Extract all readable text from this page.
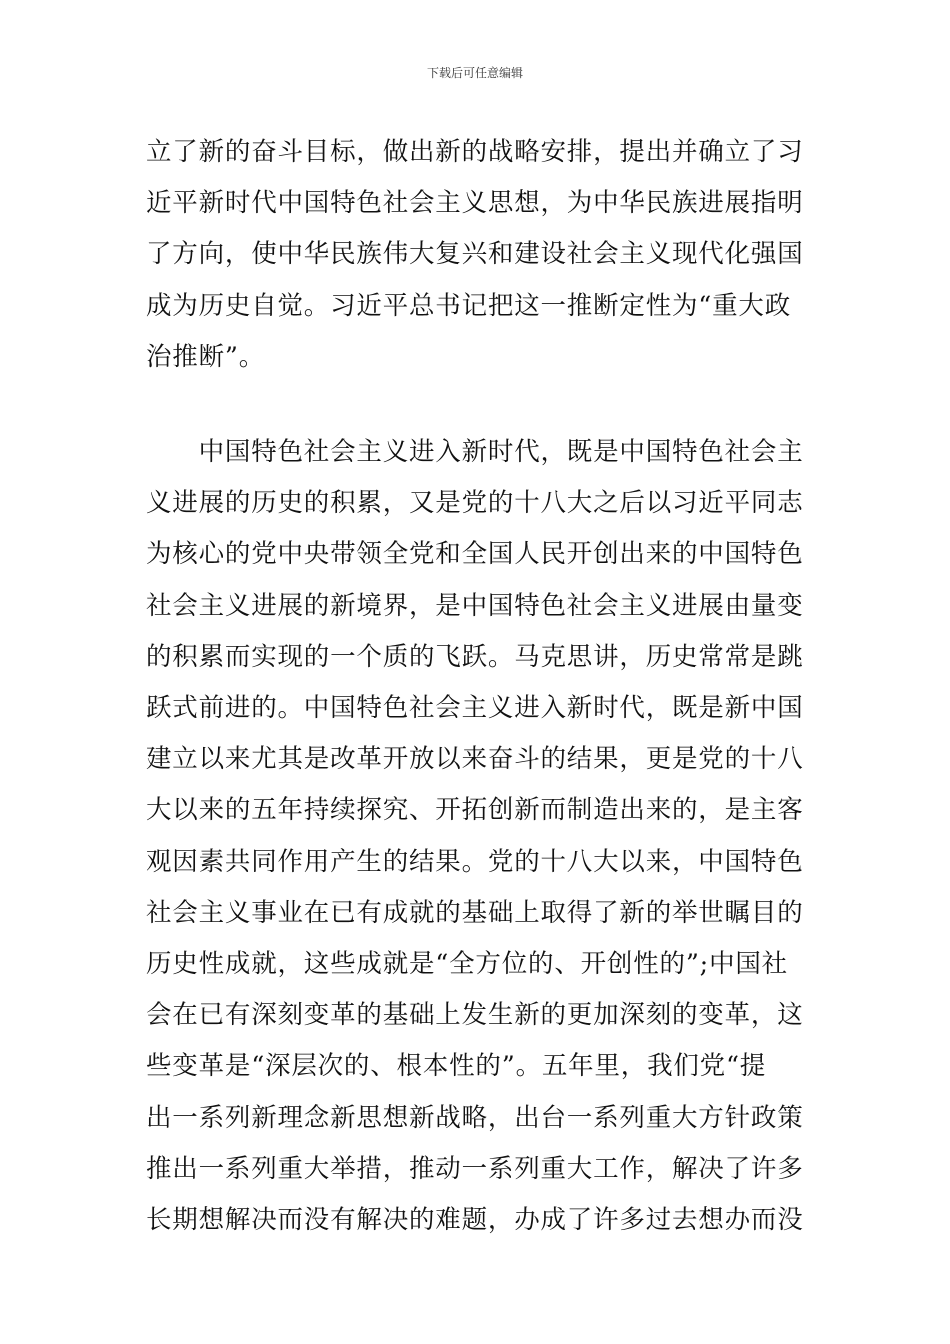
下载后可任意编辑
立了新的奋斗目标，做出新的战略安排，提出并确立了习
近平新时代中国特色社会主义思想，为中华民族进展指明
了方向，使中华民族伟大复兴和建设社会主义现代化强国
成为历史自觉。习近平总书记把这一推断定性为“重大政
治推断”。
　　中国特色社会主义进入新时代，既是中国特色社会主
义进展的历史的积累，又是党的十八大之后以习近平同志
为核心的党中央带领全党和全国人民开创出来的中国特色
社会主义进展的新境界，是中国特色社会主义进展由量变
的积累而实现的一个质的飞跃。马克思讲，历史常常是跳
跃式前进的。中国特色社会主义进入新时代，既是新中国
建立以来尤其是改革开放以来奋斗的结果，更是党的十八
大以来的五年持续探究、开拓创新而制造出来的，是主客
观因素共同作用产生的结果。党的十八大以来，中国特色
社会主义事业在已有成就的基础上取得了新的举世瞩目的
历史性成就，这些成就是“全方位的、开创性的”;中国社
会在已有深刻变革的基础上发生新的更加深刻的变革，这
些变革是“深层次的、根本性的”。五年里，我们党“提
出一系列新理念新思想新战略，出台一系列重大方针政策
推出一系列重大举措，推动一系列重大工作，解决了许多
长期想解决而没有解决的难题，办成了许多过去想办而没
